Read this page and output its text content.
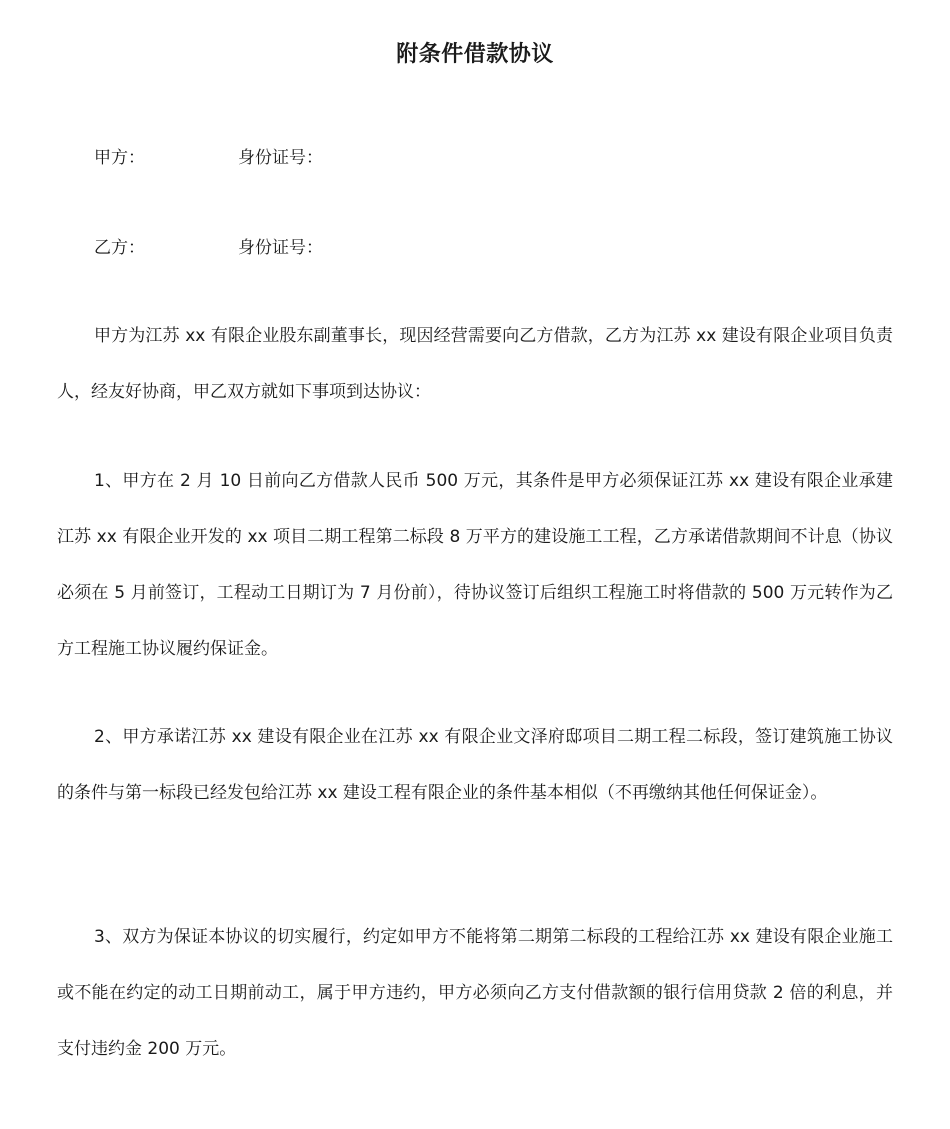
附条件借款协议
甲方：	身份证号：
乙方：	身份证号：

甲方为江苏 xx 有限企业股东副董事长，现因经营需要向乙方借款，乙方为江苏 xx 建设有限企业项目负责人，经友好协商，甲乙双方就如下事项到达协议：

1、甲方在 2 月 10 日前向乙方借款人民币 500 万元，其条件是甲方必须保证江苏 xx 建设有限企业承建江苏 xx 有限企业开发的 xx 项目二期工程第二标段 8 万平方的建设施工工程，乙方承诺借款期间不计息（协议必须在 5 月前签订，工程动工日期订为 7 月份前），待协议签订后组织工程施工时将借款的 500 万元转作为乙方工程施工协议履约保证金。

2、甲方承诺江苏 xx 建设有限企业在江苏 xx 有限企业文泽府邸项目二期工程二标段，签订建筑施工协议的条件与第一标段已经发包给江苏 xx 建设工程有限企业的条件基本相似（不再缴纳其他任何保证金）。

3、双方为保证本协议的切实履行，约定如甲方不能将第二期第二标段的工程给江苏 xx 建设有限企业施工或不能在约定的动工日期前动工，属于甲方违约，甲方必须向乙方支付借款额的银行信用贷款 2 倍的利息，并支付违约金 200 万元。
